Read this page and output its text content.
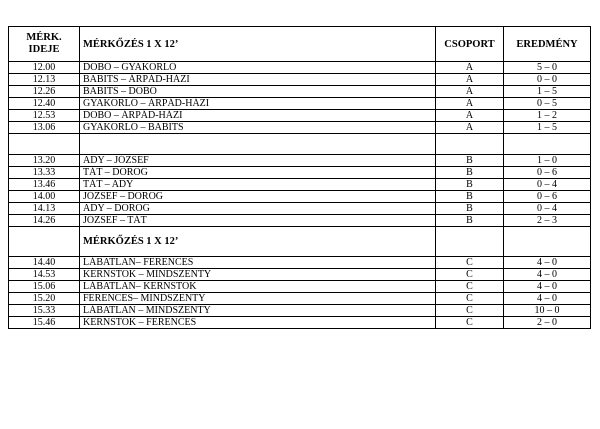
MÉRK.
IDEJE	MÉRKŐZÉS 1 X 12’	CSOPORT	EREDMÉNY
12.00	DOBÓ – GYAKORLÓ	A	5 – 0
12.13	BABITS – ÁRPÁD-HÁZI	A	0 – 0
12.26	BABITS – DOBÓ	A	1 – 5
12.40	GYAKORLÓ – ÁRPÁD-HÁZI	A	0 – 5
12.53	DOBÓ – ÁRPÁD-HÁZI	A	1 – 2
13.06	GYAKORLÓ – BABITS	A	1 – 5

13.20	ADY – JÓZSEF	B	1 – 0
13.33	TÁT – DOROG	B	0 – 6
13.46	TÁT – ADY	B	0 – 4
14.00	JÓZSEF – DOROG	B	0 – 6
14.13	ADY – DOROG	B	0 – 4
14.26	JÓZSEF – TÁT	B	2 – 3
	MÉRKŐZÉS 1 X 12’		
14.40	LÁBATLAN– FERENCES	C	4 – 0
14.53	KERNSTOK – MINDSZENTY	C	4 – 0
15.06	LÁBATLAN– KERNSTOK	C	4 – 0
15.20	FERENCES– MINDSZENTY	C	4 – 0
15.33	LÁBATLAN – MINDSZENTY	C	10 – 0
15.46	KERNSTOK – FERENCES	C	2 – 0
